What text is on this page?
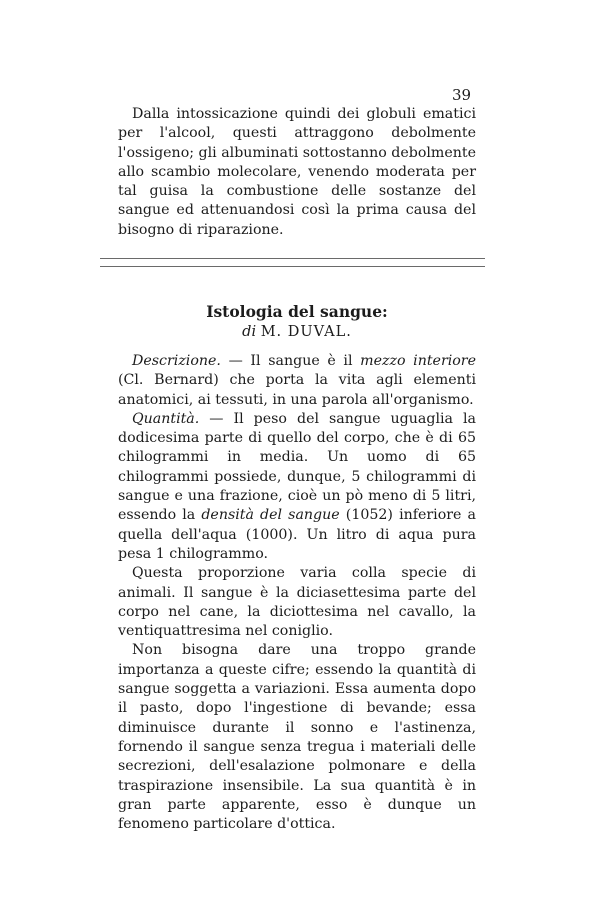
39

Dalla intossicazione quindi dei globuli ematici per l'alcool, questi attraggono debolmente l'ossigeno; gli albuminati sottostanno debolmente allo scambio molecolare, venendo moderata per tal guisa la combustione delle sostanze del sangue ed attenuandosi così la prima causa del bisogno di riparazione.

Istologia del sangue:

di M. DUVAL.

Descrizione. — Il sangue è il mezzo interiore (Cl. Bernard) che porta la vita agli elementi anatomici, ai tessuti, in una parola all'organismo.

Quantità. — Il peso del sangue uguaglia la dodicesima parte di quello del corpo, che è di 65 chilogrammi in media. Un uomo di 65 chilogrammi possiede, dunque, 5 chilogrammi di sangue e una frazione, cioè un pò meno di 5 litri, essendo la densità del sangue (1052) inferiore a quella dell'aqua (1000). Un litro di aqua pura pesa 1 chilogrammo.

Questa proporzione varia colla specie di animali. Il sangue è la diciasettesima parte del corpo nel cane, la diciottesima nel cavallo, la ventiquattresima nel coniglio.

Non bisogna dare una troppo grande importanza a queste cifre; essendo la quantità di sangue soggetta a variazioni. Essa aumenta dopo il pasto, dopo l'ingestione di bevande; essa diminuisce durante il sonno e l'astinenza, fornendo il sangue senza tregua i materiali delle secrezioni, dell'esalazione polmonare e della traspirazione insensibile. La sua quantità è in gran parte apparente, esso è dunque un fenomeno particolare d'ottica.
